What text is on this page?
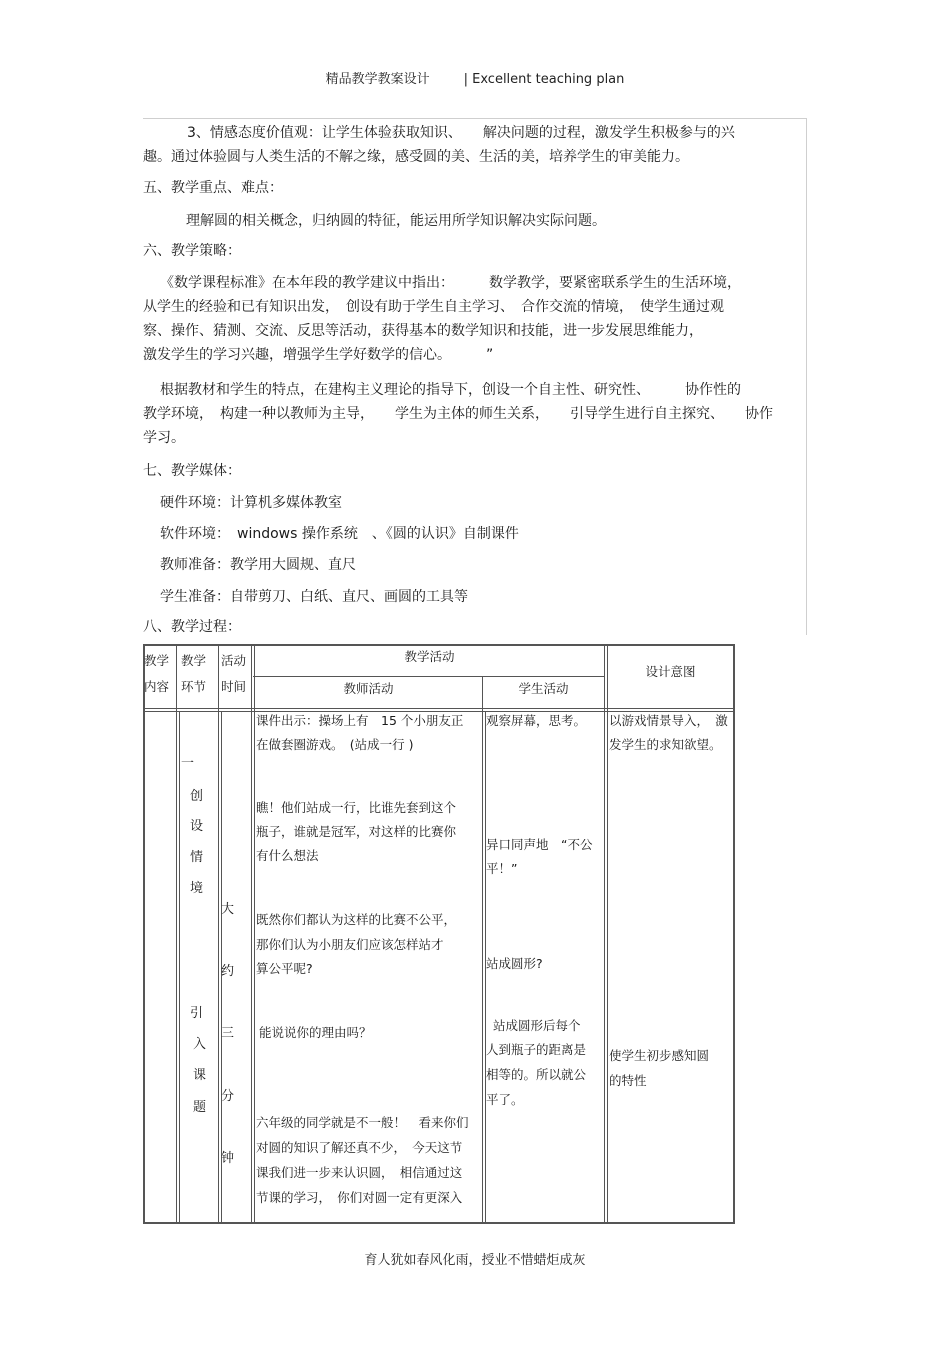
精品教学教案设计	| Excellent teaching plan
3、情感态度价值观：让学生体验获取知识、　　解决问题的过程，激发学生积极参与的兴
趣。通过体验圆与人类生活的不解之缘，感受圆的美、生活的美，培养学生的审美能力。
五、教学重点、难点：
理解圆的相关概念，归纳圆的特征，能运用所学知识解决实际问题。
六、教学策略：
《数学课程标准》在本年段的教学建议中指出：　　　数学教学，要紧密联系学生的生活环境，
从学生的经验和已有知识出发，　创设有助于学生自主学习、　合作交流的情境，　使学生通过观
察、操作、猜测、交流、反思等活动，获得基本的数学知识和技能，进一步发展思维能力，
激发学生的学习兴趣，增强学生学好数学的信心。　　　”
根据教材和学生的特点，在建构主义理论的指导下，创设一个自主性、研究性、　　　协作性的
教学环境，　构建一种以教师为主导，　　学生为主体的师生关系，　　引导学生进行自主探究、　　协作
学习。
七、教学媒体：
硬件环境：计算机多媒体教室
软件环境：　windows 操作系统　、《圆的认识》自制课件
教师准备：教学用大圆规、直尺
学生准备：自带剪刀、白纸、直尺、画圆的工具等
八、教学过程：
教学内容
教学环节
活动时间
教学活动
教师活动	学生活动
设计意图
一
创
设
情
境
引
入
课
题
大
约
三
分
钟
课件出示：操场上有　15 个小朋友正
在做套圈游戏。　(站成一行 )
瞧！他们站成一行，比谁先套到这个
瓶子，谁就是冠军，对这样的比赛你
有什么想法
既然你们都认为这样的比赛不公平，
那你们认为小朋友们应该怎样站才
算公平呢?
能说说你的理由吗？
六年级的同学就是不一般！　看来你们
对圆的知识了解还真不少，　今天这节
课我们进一步来认识圆，　相信通过这
节课的学习，　你们对圆一定有更深入
观察屏幕，思考。
异口同声地　“不公
平！”
站成圆形?
站成圆形后每个
人到瓶子的距离是
相等的。所以就公
平了。
以游戏情景导入，　激
发学生的求知欲望。
使学生初步感知圆
的特性
育人犹如春风化雨，授业不惜蜡炬成灰
